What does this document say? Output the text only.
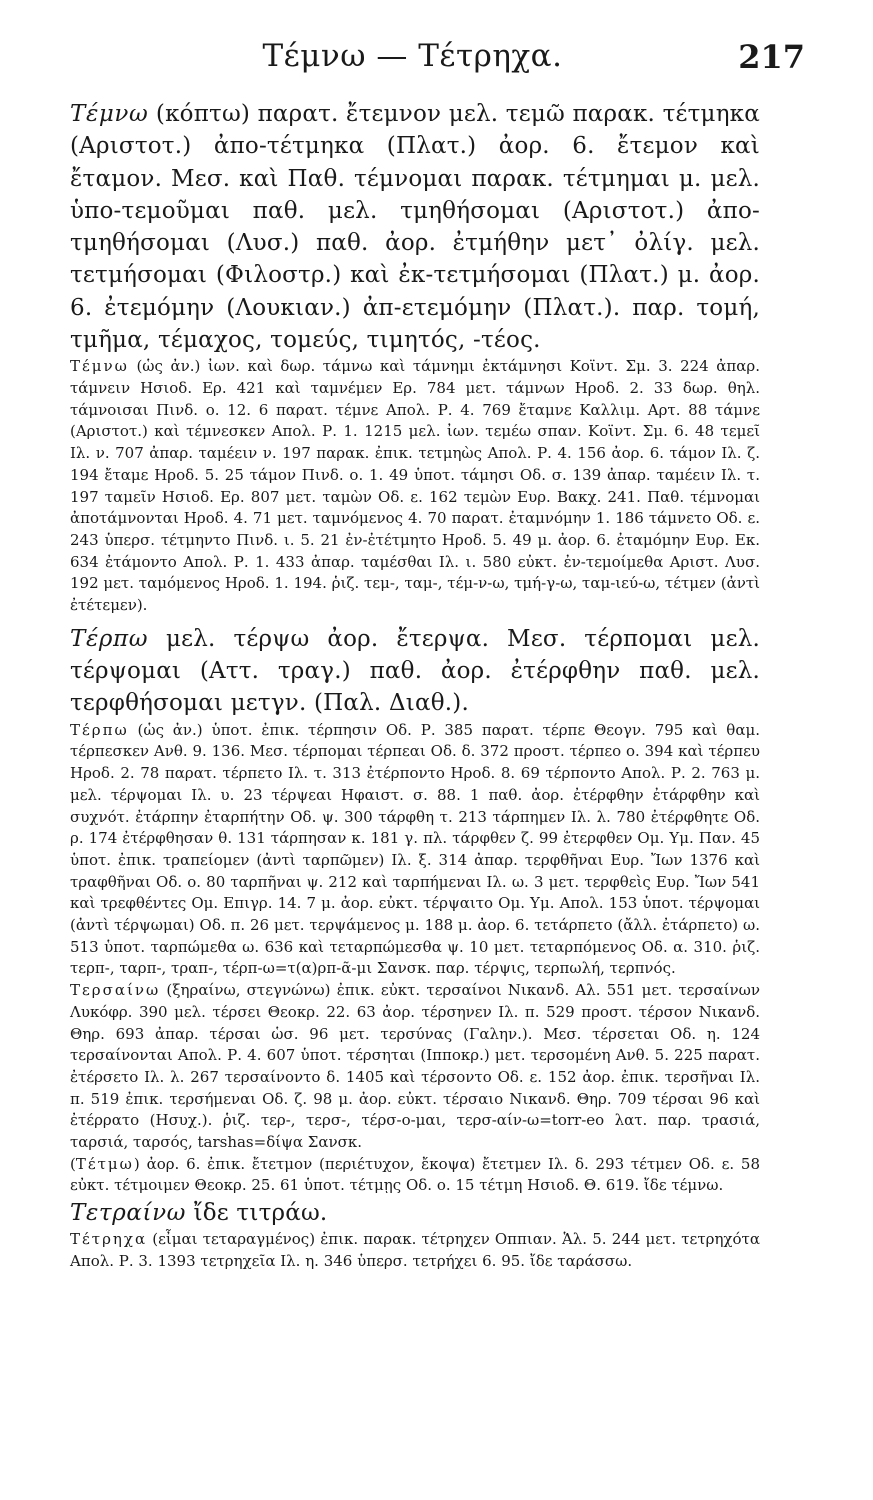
Τέμνω — Τέτρηχα.	217

Τέμνω (κόπτω) παρατ. ἔτεμνον μελ. τεμῶ παρακ. τέτμηκα (Αριστοτ.) ἀπο-τέτμηκα (Πλατ.) ἀορ. 6. ἔτεμον καὶ ἔταμον. Μεσ. καὶ Παθ. τέμνομαι παρακ. τέτμημαι μ. μελ. ὑπο-τεμοῦμαι παθ. μελ. τμηθήσομαι (Αριστοτ.) ἀπο-τμηθήσομαι (Λυσ.) παθ. ἀορ. ἐτμήθην μετ᾽ ὀλίγ. μελ. τετμήσομαι (Φιλοστρ.) καὶ ἐκ-τετμήσομαι (Πλατ.) μ. ἀορ. 6. ἐτεμόμην (Λουκιαν.) ἀπ-ετεμόμην (Πλατ.). παρ. τομή, τμῆμα, τέμαχος, τομεύς, τιμητός, -τέος.

Τέμνω (ὡς ἀν.) ἰων. καὶ δωρ. τάμνω καὶ τάμνημι ἐκτάμνησι Κοϊντ. Σμ. 3. 224 ἀπαρ. τάμνειν Ησιοδ. Ερ. 421 καὶ ταμνέμεν Ερ. 784 μετ. τάμνων Ηροδ. 2. 33 δωρ. θηλ. τάμνοισαι Πινδ. ο. 12. 6 παρατ. τέμνε Απολ. Ρ. 4. 769 ἔταμνε Καλλιμ. Αρτ. 88 τάμνε (Αριστοτ.) καὶ τέμνεσκεν Απολ. Ρ. 1. 1215 μελ. ἰων. τεμέω σπαν. Κοϊντ. Σμ. 6. 48 τεμεῖ Ιλ. ν. 707 ἀπαρ. ταμέειν ν. 197 παρακ. ἐπικ. τετμηὼς Απολ. Ρ. 4. 156 ἀορ. 6. τάμον Ιλ. ζ. 194 ἔταμε Ηροδ. 5. 25 τάμον Πινδ. ο. 1. 49 ὑποτ. τάμησι Οδ. σ. 139 ἀπαρ. ταμέειν Ιλ. τ. 197 ταμεῖν Ησιοδ. Ερ. 807 μετ. ταμὼν Οδ. ε. 162 τεμὼν Ευρ. Βακχ. 241. Παθ. τέμνομαι ἀποτάμνονται Ηροδ. 4. 71 μετ. ταμνόμενος 4. 70 παρατ. ἐταμνόμην 1. 186 τάμνετο Οδ. ε. 243 ὑπερσ. τέτμηντο Πινδ. ι. 5. 21 ἐν-ἐτέτμητο Ηροδ. 5. 49 μ. ἀορ. 6. ἐταμόμην Ευρ. Εκ. 634 ἐτάμοντο Απολ. Ρ. 1. 433 ἀπαρ. ταμέσθαι Ιλ. ι. 580 εὐκτ. ἐν-τεμοίμεθα Αριστ. Λυσ. 192 μετ. ταμόμενος Ηροδ. 1. 194. ῥιζ. τεμ-, ταμ-, τέμ-ν-ω, τμή-γ-ω, ταμ-ιεύ-ω, τέτμεν (ἀντὶ ἐτέτεμεν).

Τέρπω μελ. τέρψω ἀορ. ἔτερψα. Μεσ. τέρπομαι μελ. τέρψομαι (Αττ. τραγ.) παθ. ἀορ. ἐτέρφθην παθ. μελ. τερφθήσομαι μετγν. (Παλ. Διαθ.).

Τέρπω (ὡς ἀν.) ὑποτ. ἐπικ. τέρπησιν Οδ. Ρ. 385 παρατ. τέρπε Θεογν. 795 καὶ θαμ. τέρπεσκεν Ανθ. 9. 136. Μεσ. τέρπομαι τέρπεαι Οδ. δ. 372 προστ. τέρπεο ο. 394 καὶ τέρπευ Ηροδ. 2. 78 παρατ. τέρπετο Ιλ. τ. 313 ἐτέρποντο Ηροδ. 8. 69 τέρποντο Απολ. Ρ. 2. 763 μ. μελ. τέρψομαι Ιλ. υ. 23 τέρψεαι Ηφαιστ. σ. 88. 1 παθ. ἀορ. ἐτέρφθην ἐτάρφθην καὶ συχνότ. ἐτάρπην ἐταρπήτην Οδ. ψ. 300 τάρφθη τ. 213 τάρπημεν Ιλ. λ. 780 ἐτέρφθητε Οδ. ρ. 174 ἐτέρφθησαν θ. 131 τάρπησαν κ. 181 γ. πλ. τάρφθεν ζ. 99 ἐτερφθεν Ομ. Υμ. Παν. 45 ὑποτ. ἐπικ. τραπείομεν (ἀντὶ ταρπῶμεν) Ιλ. ξ. 314 ἀπαρ. τερφθῆναι Ευρ. Ἴων 1376 καὶ τραφθῆναι Οδ. ο. 80 ταρπῆναι ψ. 212 καὶ ταρπήμεναι Ιλ. ω. 3 μετ. τερφθεὶς Ευρ. Ἴων 541 καὶ τρεφθέντες Ομ. Επιγρ. 14. 7 μ. ἀορ. εὐκτ. τέρψαιτο Ομ. Υμ. Απολ. 153 ὑποτ. τέρψομαι (ἀντὶ τέρψωμαι) Οδ. π. 26 μετ. τερψάμενος μ. 188 μ. ἀορ. 6. τετάρπετο (ἄλλ. ἐτάρπετο) ω. 513 ὑποτ. ταρπώμεθα ω. 636 καὶ τεταρπώμεσθα ψ. 10 μετ. τεταρπόμενος Οδ. α. 310. ῥιζ. τερπ-, ταρπ-, τραπ-, τέρπ-ω=τ(α)ρπ-ᾶ-μι Σανσκ. παρ. τέρψις, τερπωλή, τερπνός.

Τερσαίνω (ξηραίνω, στεγνώνω) ἐπικ. εὐκτ. τερσαίνοι Νικανδ. Αλ. 551 μετ. τερσαίνων Λυκόφρ. 390 μελ. τέρσει Θεοκρ. 22. 63 ἀορ. τέρσηνεν Ιλ. π. 529 προστ. τέρσον Νικανδ. Θηρ. 693 ἀπαρ. τέρσαι ὡσ. 96 μετ. τερσύνας (Γαλην.). Μεσ. τέρσεται Οδ. η. 124 τερσαίνονται Απολ. Ρ. 4. 607 ὑποτ. τέρσηται (Ιπποκρ.) μετ. τερσομένη Ανθ. 5. 225 παρατ. ἐτέρσετο Ιλ. λ. 267 τερσαίνοντο δ. 1405 καὶ τέρσοντο Οδ. ε. 152 ἀορ. ἐπικ. τερσῆναι Ιλ. π. 519 ἐπικ. τερσήμεναι Οδ. ζ. 98 μ. ἀορ. εὐκτ. τέρσαιο Νικανδ. Θηρ. 709 τέρσαι 96 καὶ ἐτέρρατο (Ησυχ.). ῥιζ. τερ-, τερσ-, τέρσ-ο-μαι, τερσ-αίν-ω=torr-eo λατ. παρ. τρασιά, ταρσιά, ταρσός, tarshas=δίψα Σανσκ.

(Τέτμω) ἀορ. 6. ἐπικ. ἔτετμον (περιέτυχον, ἔκοψα) ἔτετμεν Ιλ. δ. 293 τέτμεν Οδ. ε. 58 εὐκτ. τέτμοιμεν Θεοκρ. 25. 61 ὑποτ. τέτμῃς Οδ. ο. 15 τέτμη Ησιοδ. Θ. 619. ἴδε τέμνω.

Τετραίνω ἴδε τιτράω.

Τέτρηχα (εἶμαι τεταραγμένος) ἐπικ. παρακ. τέτρηχεν Οππιαν. Ἁλ. 5. 244 μετ. τετρηχότα Απολ. Ρ. 3. 1393 τετρηχεῖα Ιλ. η. 346 ὑπερσ. τετρήχει 6. 95. ἴδε ταράσσω.
